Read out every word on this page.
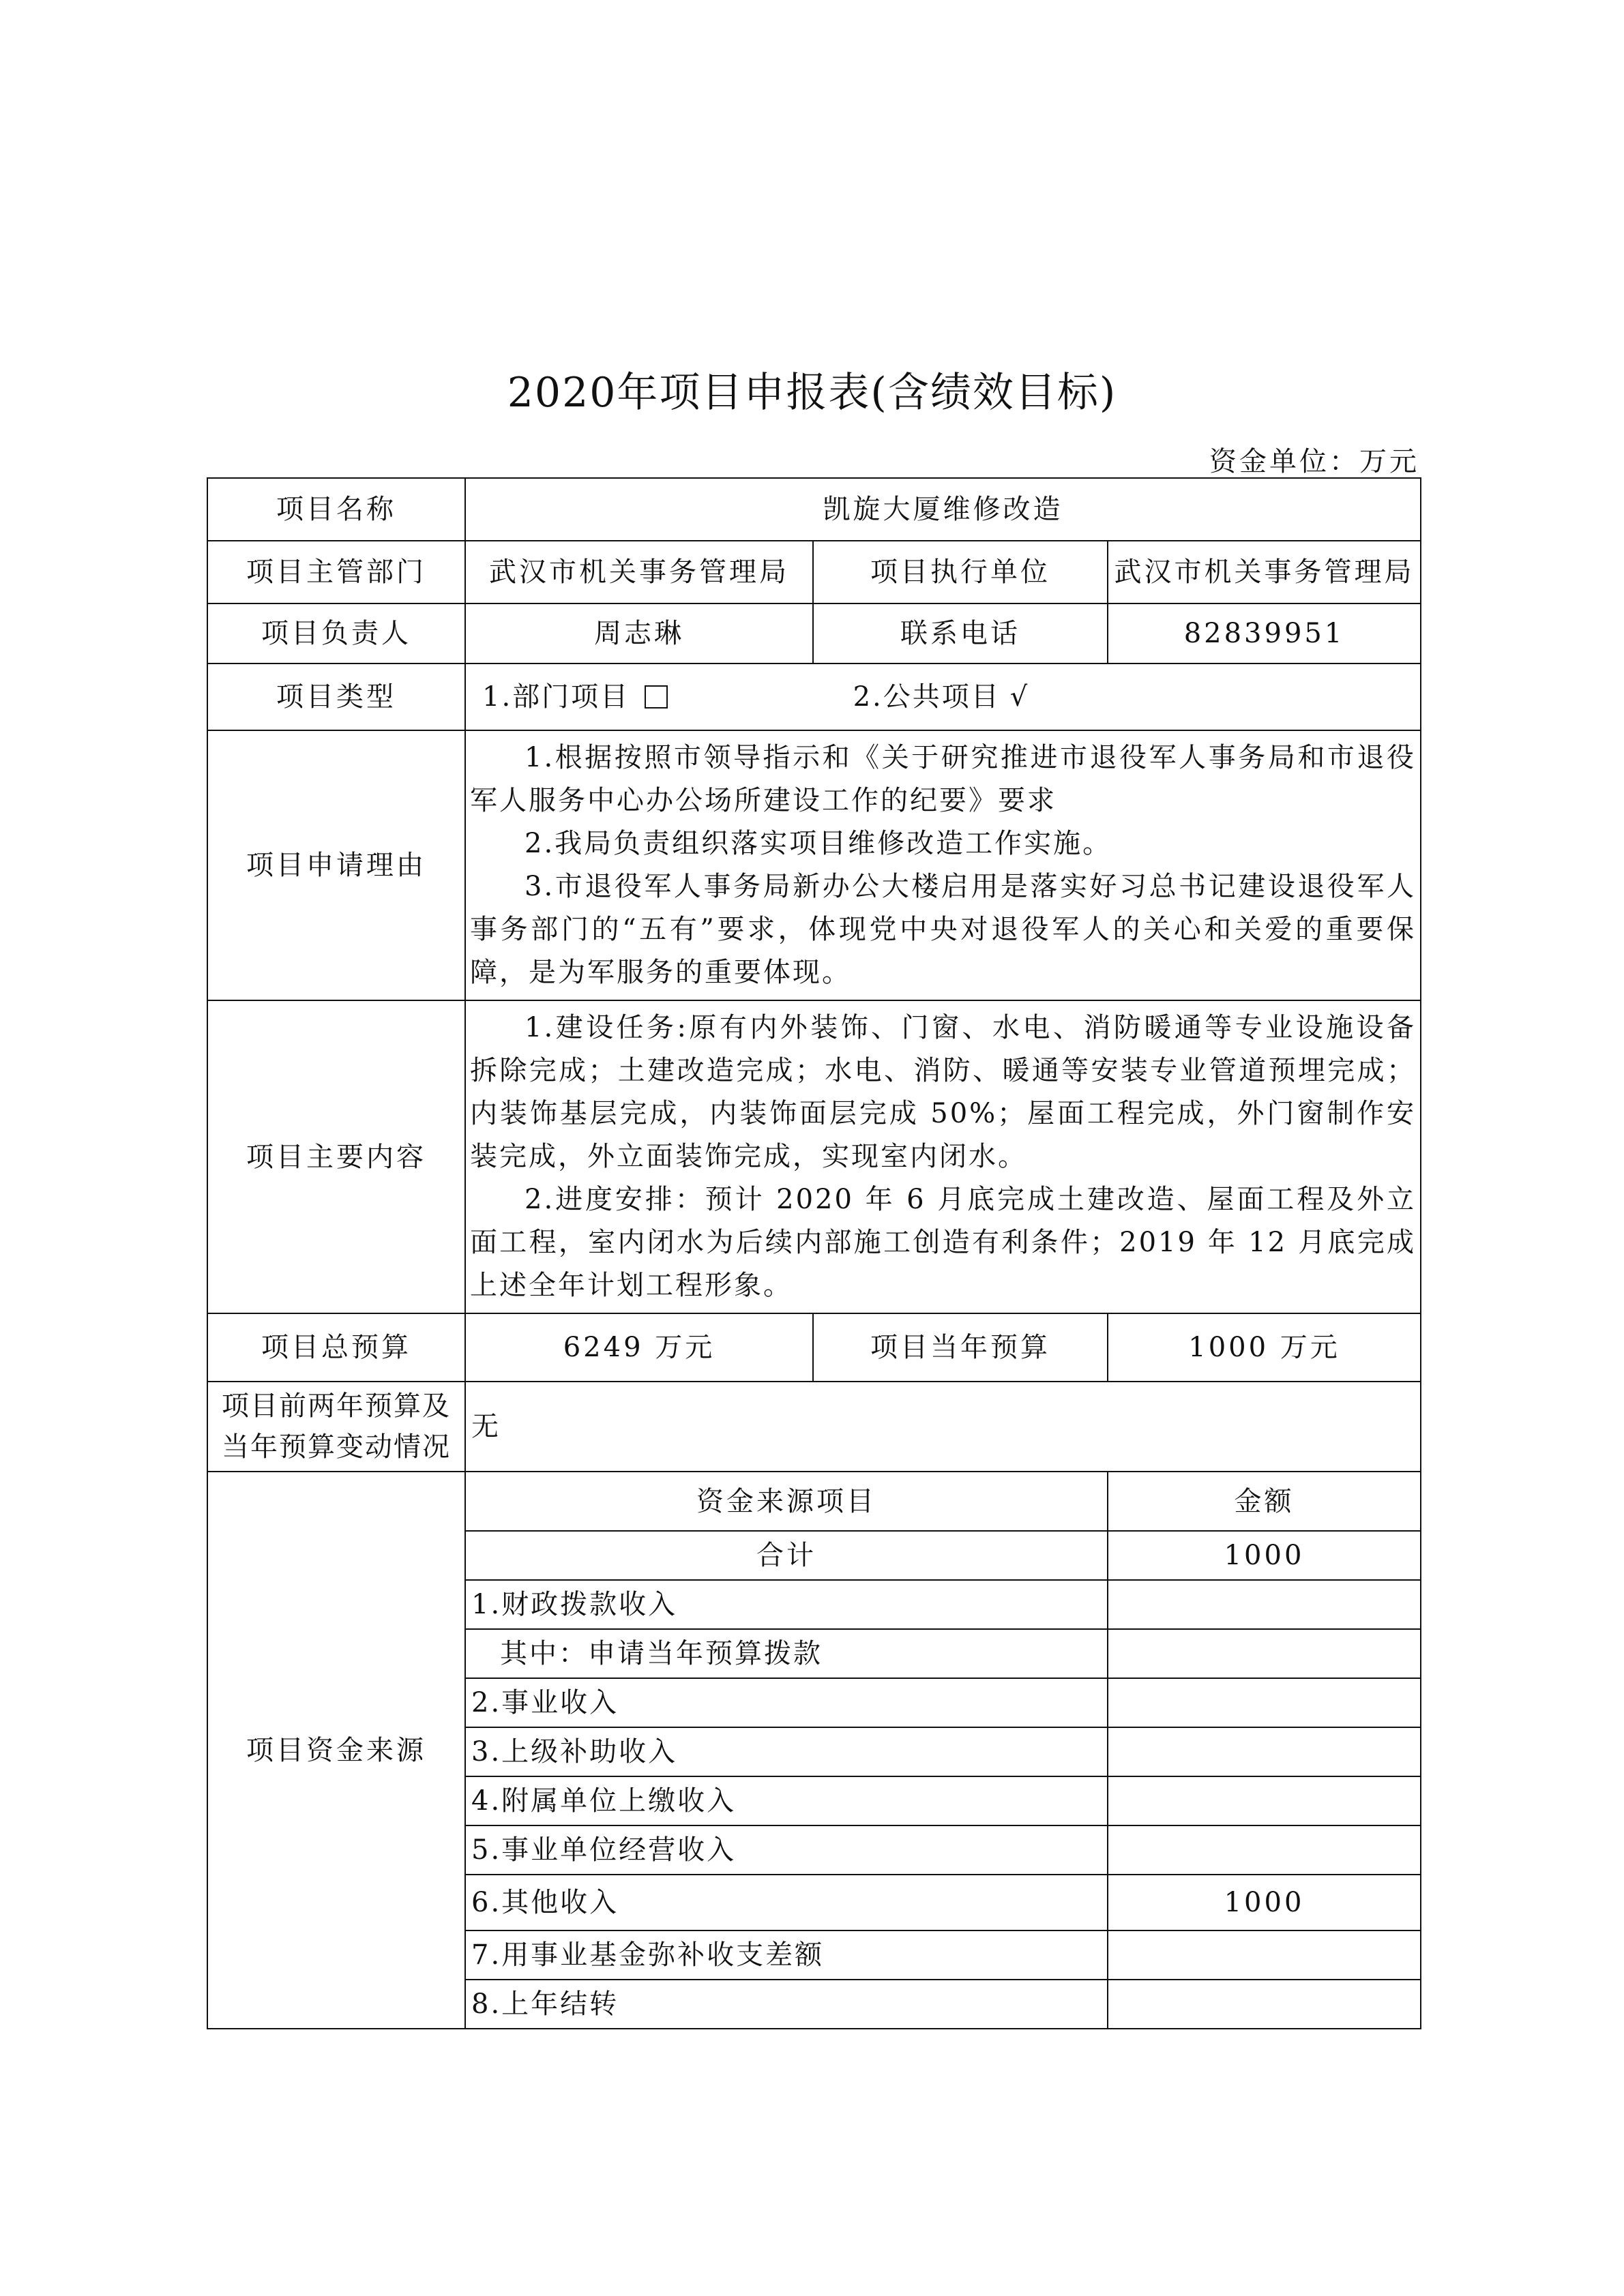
2020年项目申报表(含绩效目标)
资金单位：万元
项目名称	凯旋大厦维修改造		
项目主管部门	武汉市机关事务管理局	项目执行单位	武汉市机关事务管理局
项目负责人	周志琳	联系电话	82839951
项目类型	1.部门项目 2.公共项目 √		
项目申请理由	1.根据按照市领导指示和《关于研究推进市退役军人事务局和市退役军人服务中心办公场所建设工作的纪要》要求

2.我局负责组织落实项目维修改造工作实施。

3.市退役军人事务局新办公大楼启用是落实好习总书记建设退役军人事务部门的“五有”要求，体现党中央对退役军人的关心和关爱的重要保障，是为军服务的重要体现。		

项目主要内容	1.建设任务:原有内外装饰、门窗、水电、消防暖通等专业设施设备拆除完成；土建改造完成；水电、消防、暖通等安装专业管道预埋完成；内装饰基层完成，内装饰面层完成 50%；屋面工程完成，外门窗制作安装完成，外立面装饰完成，实现室内闭水。

2.进度安排：预计 2020 年 6 月底完成土建改造、屋面工程及外立面工程，室内闭水为后续内部施工创造有利条件；2019 年 12 月底完成上述全年计划工程形象。		

项目总预算	6249 万元	项目当年预算	1000 万元
项目前两年预算及当年预算变动情况	无		
项目资金来源	资金来源项目		金额
	合计		1000
	1.财政拨款收入		
	其中：申请当年预算拨款		
	2.事业收入		
	3.上级补助收入		
	4.附属单位上缴收入		
	5.事业单位经营收入		
	6.其他收入		1000
	7.用事业基金弥补收支差额		
	8.上年结转		
